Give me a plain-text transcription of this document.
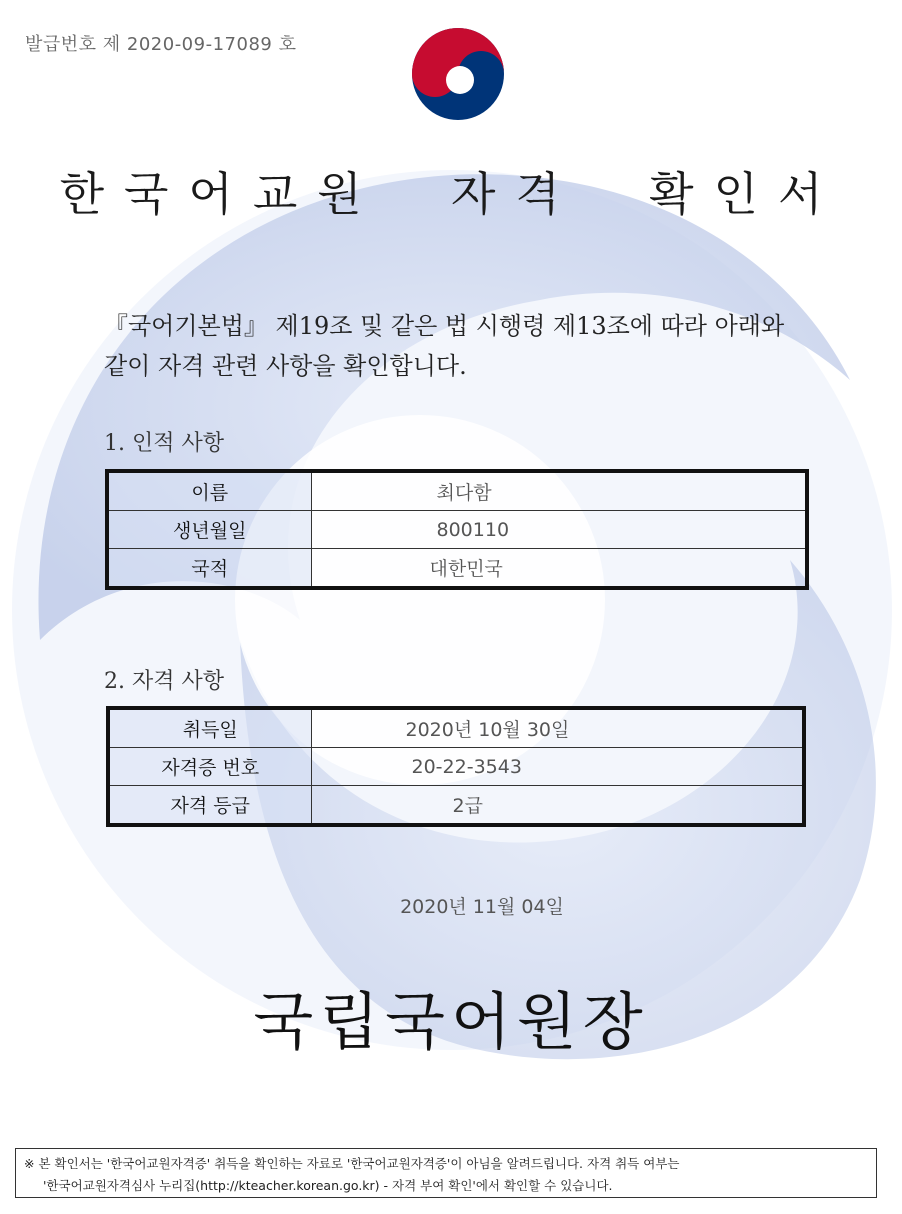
발급번호 제 2020-09-17089 호
한국어교원  자격  확인서
『국어기본법』 제19조 및 같은 법 시행령 제13조에 따라 아래와
같이 자격 관련 사항을 확인합니다.
1. 인적 사항
이름	최다함
생년월일	800110
국적	대한민국
2. 자격 사항
취득일	2020년 10월 30일
자격증 번호	20-22-3543
자격 등급	2급
2020년 11월 04일
국립국어원장
※ 본 확인서는 '한국어교원자격증' 취득을 확인하는 자료로 '한국어교원자격증'이 아님을 알려드립니다. 자격 취득 여부는
'한국어교원자격심사 누리집(http://kteacher.korean.go.kr) - 자격 부여 확인'에서 확인할 수 있습니다.
